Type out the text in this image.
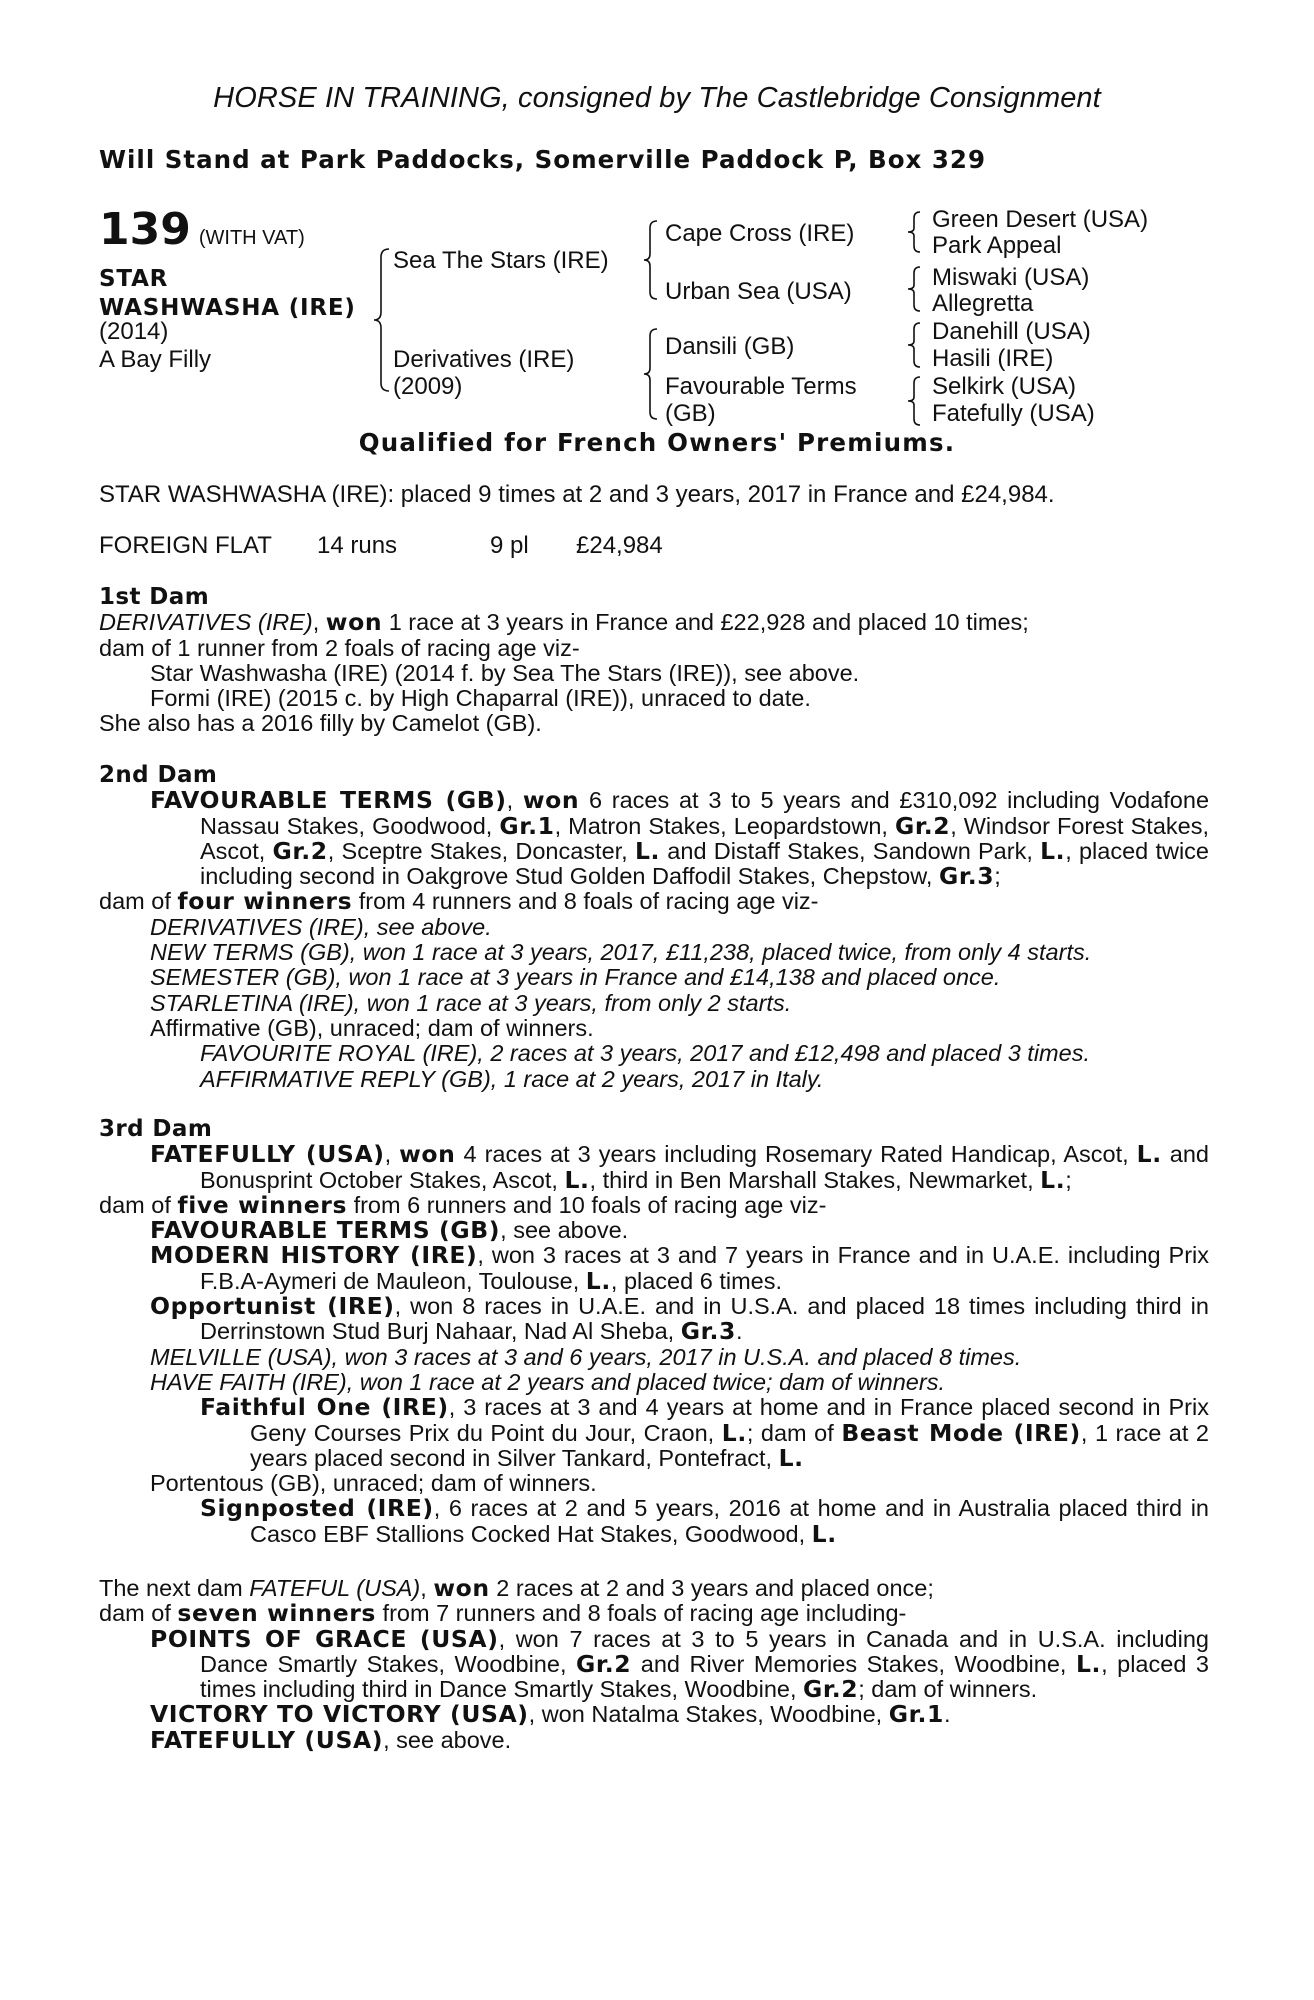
HORSE IN TRAINING, consigned by The Castlebridge Consignment
Will Stand at Park Paddocks, Somerville Paddock P, Box 329
139 (WITH VAT)
STAR
WASHWASHA (IRE)
(2014)
A Bay Filly
Sea The Stars (IRE)
Derivatives (IRE)
(2009)
Cape Cross (IRE)
Urban Sea (USA)
Dansili (GB)
Favourable Terms
(GB)
Green Desert (USA)
Park Appeal
Miswaki (USA)
Allegretta
Danehill (USA)
Hasili (IRE)
Selkirk (USA)
Fatefully (USA)
Qualified for French Owners' Premiums.
STAR WASHWASHA (IRE): placed 9 times at 2 and 3 years, 2017 in France and £24,984.
FOREIGN FLAT 14 runs	9 pl £24,984
1st Dam
DERIVATIVES (IRE), won 1 race at 3 years in France and £22,928 and placed 10 times;
dam of 1 runner from 2 foals of racing age viz-
Star Washwasha (IRE) (2014 f. by Sea The Stars (IRE)), see above.
Formi (IRE) (2015 c. by High Chaparral (IRE)), unraced to date.
She also has a 2016 filly by Camelot (GB).
2nd Dam
FAVOURABLE TERMS (GB), won 6 races at 3 to 5 years and £310,092 including Vodafone Nassau Stakes, Goodwood, Gr.1, Matron Stakes, Leopardstown, Gr.2, Windsor Forest Stakes, Ascot, Gr.2, Sceptre Stakes, Doncaster, L. and Distaff Stakes, Sandown Park, L., placed twice including second in Oakgrove Stud Golden Daffodil Stakes, Chepstow, Gr.3;
dam of four winners from 4 runners and 8 foals of racing age viz-
DERIVATIVES (IRE), see above.
NEW TERMS (GB), won 1 race at 3 years, 2017, £11,238, placed twice, from only 4 starts.
SEMESTER (GB), won 1 race at 3 years in France and £14,138 and placed once.
STARLETINA (IRE), won 1 race at 3 years, from only 2 starts.
Affirmative (GB), unraced; dam of winners.
FAVOURITE ROYAL (IRE), 2 races at 3 years, 2017 and £12,498 and placed 3 times.
AFFIRMATIVE REPLY (GB), 1 race at 2 years, 2017 in Italy.
3rd Dam
FATEFULLY (USA), won 4 races at 3 years including Rosemary Rated Handicap, Ascot, L. and Bonusprint October Stakes, Ascot, L., third in Ben Marshall Stakes, Newmarket, L.;
dam of five winners from 6 runners and 10 foals of racing age viz-
FAVOURABLE TERMS (GB), see above.
MODERN HISTORY (IRE), won 3 races at 3 and 7 years in France and in U.A.E. including Prix F.B.A-Aymeri de Mauleon, Toulouse, L., placed 6 times.
Opportunist (IRE), won 8 races in U.A.E. and in U.S.A. and placed 18 times including third in Derrinstown Stud Burj Nahaar, Nad Al Sheba, Gr.3.
MELVILLE (USA), won 3 races at 3 and 6 years, 2017 in U.S.A. and placed 8 times.
HAVE FAITH (IRE), won 1 race at 2 years and placed twice; dam of winners.
Faithful One (IRE), 3 races at 3 and 4 years at home and in France placed second in Prix Geny Courses Prix du Point du Jour, Craon, L.; dam of Beast Mode (IRE), 1 race at 2 years placed second in Silver Tankard, Pontefract, L.
Portentous (GB), unraced; dam of winners.
Signposted (IRE), 6 races at 2 and 5 years, 2016 at home and in Australia placed third in Casco EBF Stallions Cocked Hat Stakes, Goodwood, L.
The next dam FATEFUL (USA), won 2 races at 2 and 3 years and placed once;
dam of seven winners from 7 runners and 8 foals of racing age including-
POINTS OF GRACE (USA), won 7 races at 3 to 5 years in Canada and in U.S.A. including Dance Smartly Stakes, Woodbine, Gr.2 and River Memories Stakes, Woodbine, L., placed 3 times including third in Dance Smartly Stakes, Woodbine, Gr.2; dam of winners.
VICTORY TO VICTORY (USA), won Natalma Stakes, Woodbine, Gr.1.
FATEFULLY (USA), see above.
